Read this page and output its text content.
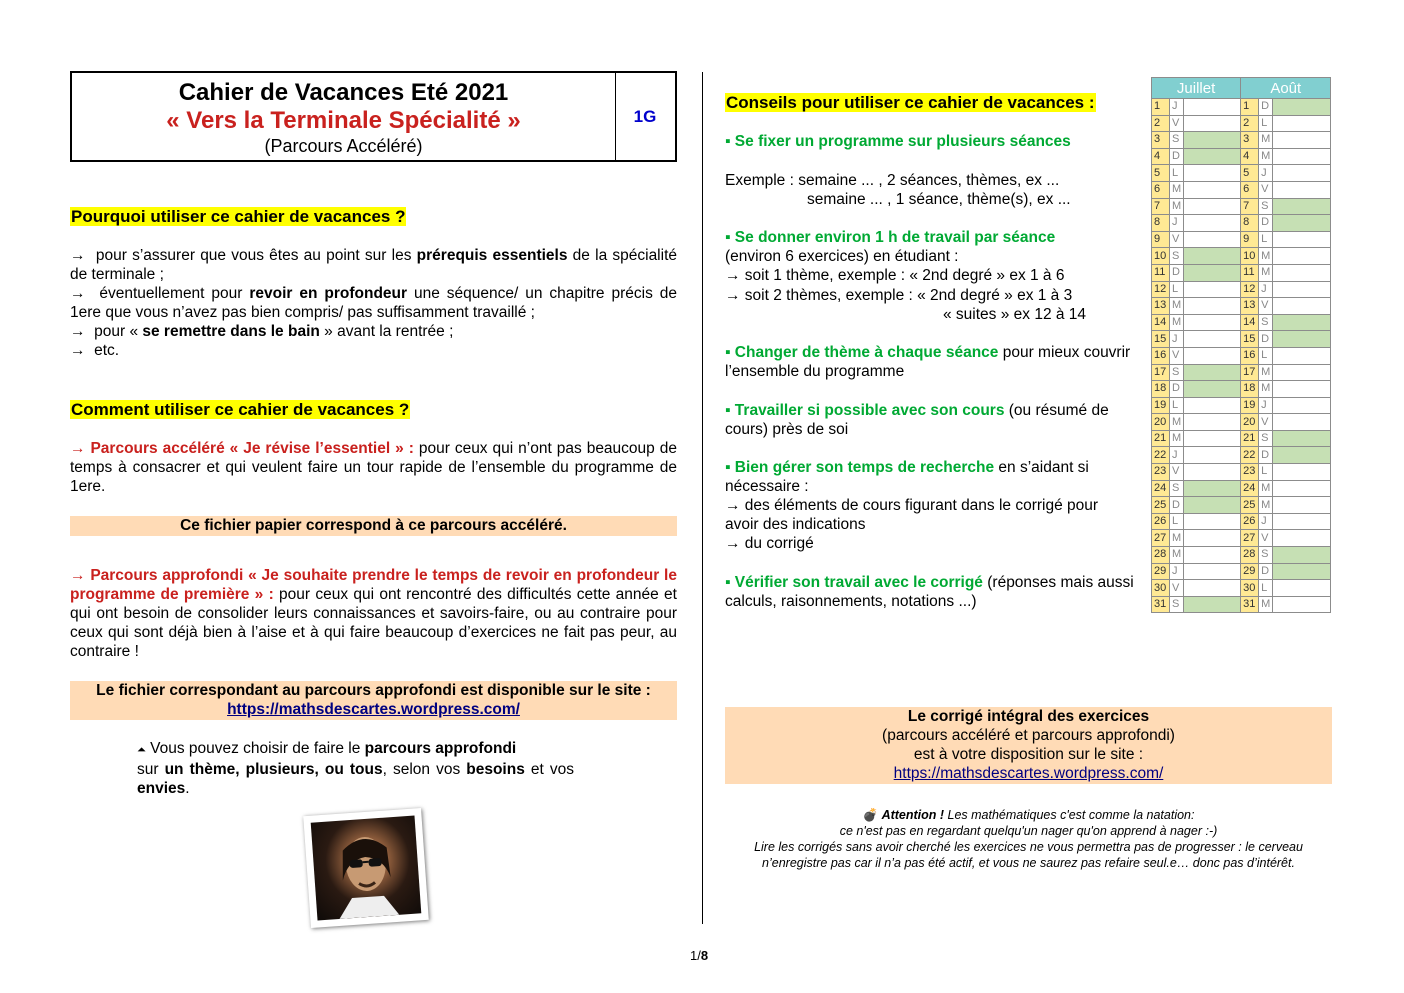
Cahier de Vacances Eté 2021
« Vers la Terminale Spécialité »
(Parcours Accéléré)
1G
Pourquoi utiliser ce cahier de vacances ?
→  pour s’assurer que vous êtes au point sur les prérequis essentiels de la spécialité de terminale ;
→  éventuellement pour revoir en profondeur une séquence/ un chapitre précis de 1ere que vous n’avez pas bien compris/ pas suffisamment travaillé ;
→  pour « se remettre dans le bain » avant la rentrée ;
→  etc.
Comment utiliser ce cahier de vacances ?
→ Parcours accéléré « Je révise l’essentiel » : pour ceux qui n’ont pas beaucoup de temps à consacrer et qui veulent faire un tour rapide de l’ensemble du programme de 1ere.
Ce fichier papier correspond à ce parcours accéléré.
→ Parcours approfondi « Je souhaite prendre le temps de revoir en profondeur le programme de première » : pour ceux qui ont rencontré des difficultés cette année et qui ont besoin de consolider leurs connaissances et savoirs-faire, ou au contraire pour ceux qui sont déjà bien à l’aise et à qui faire beaucoup d’exercices ne fait pas peur, au contraire !
Le fichier correspondant au parcours approfondi est disponible sur le site :
https://mathsdescartes.wordpress.com/
⏶ Vous pouvez choisir de faire le parcours approfondi
sur un thème, plusieurs, ou tous, selon vos besoins et vos envies.
Conseils pour utiliser ce cahier de vacances :
▪ Se fixer un programme sur plusieurs séances
Exemple : semaine ... , 2 séances, thèmes, ex ...
semaine ... , 1 séance, thème(s), ex ...
▪ Se donner environ 1 h de travail par séance
(environ 6 exercices) en étudiant :
→ soit 1 thème, exemple : « 2nd degré » ex 1 à 6
→ soit 2 thèmes, exemple : « 2nd degré » ex 1 à 3
« suites » ex 12 à 14
▪ Changer de thème à chaque séance pour mieux couvrir l’ensemble du programme
▪ Travailler si possible avec son cours (ou résumé de cours) près de soi
▪ Bien gérer son temps de recherche en s’aidant si nécessaire :
→ des éléments de cours figurant dans le corrigé pour avoir des indications
→ du corrigé
▪ Vérifier son travail avec le corrigé (réponses mais aussi calculs, raisonnements, notations ...)
Juillet			Août		
1	J		1	D	
2	V		2	L	
3	S		3	M	
4	D		4	M	
5	L		5	J	
6	M		6	V	
7	M		7	S	
8	J		8	D	
9	V		9	L	
10	S		10	M	
11	D		11	M	
12	L		12	J	
13	M		13	V	
14	M		14	S	
15	J		15	D	
16	V		16	L	
17	S		17	M	
18	D		18	M	
19	L		19	J	
20	M		20	V	
21	M		21	S	
22	J		22	D	
23	V		23	L	
24	S		24	M	
25	D		25	M	
26	L		26	J	
27	M		27	V	
28	M		28	S	
29	J		29	D	
30	V		30	L	
31	S		31	M	
Le corrigé intégral des exercices
(parcours accéléré et parcours approfondi)
est à votre disposition sur le site :
https://mathsdescartes.wordpress.com/
💣 Attention ! Les mathématiques c'est comme la natation:
ce n'est pas en regardant quelqu'un nager qu'on apprend à nager :-)
Lire les corrigés sans avoir cherché les exercices ne vous permettra pas de progresser : le cerveau
n’enregistre pas car il n’a pas été actif, et vous ne saurez pas refaire seul.e… donc pas d’intérêt.
1/8
